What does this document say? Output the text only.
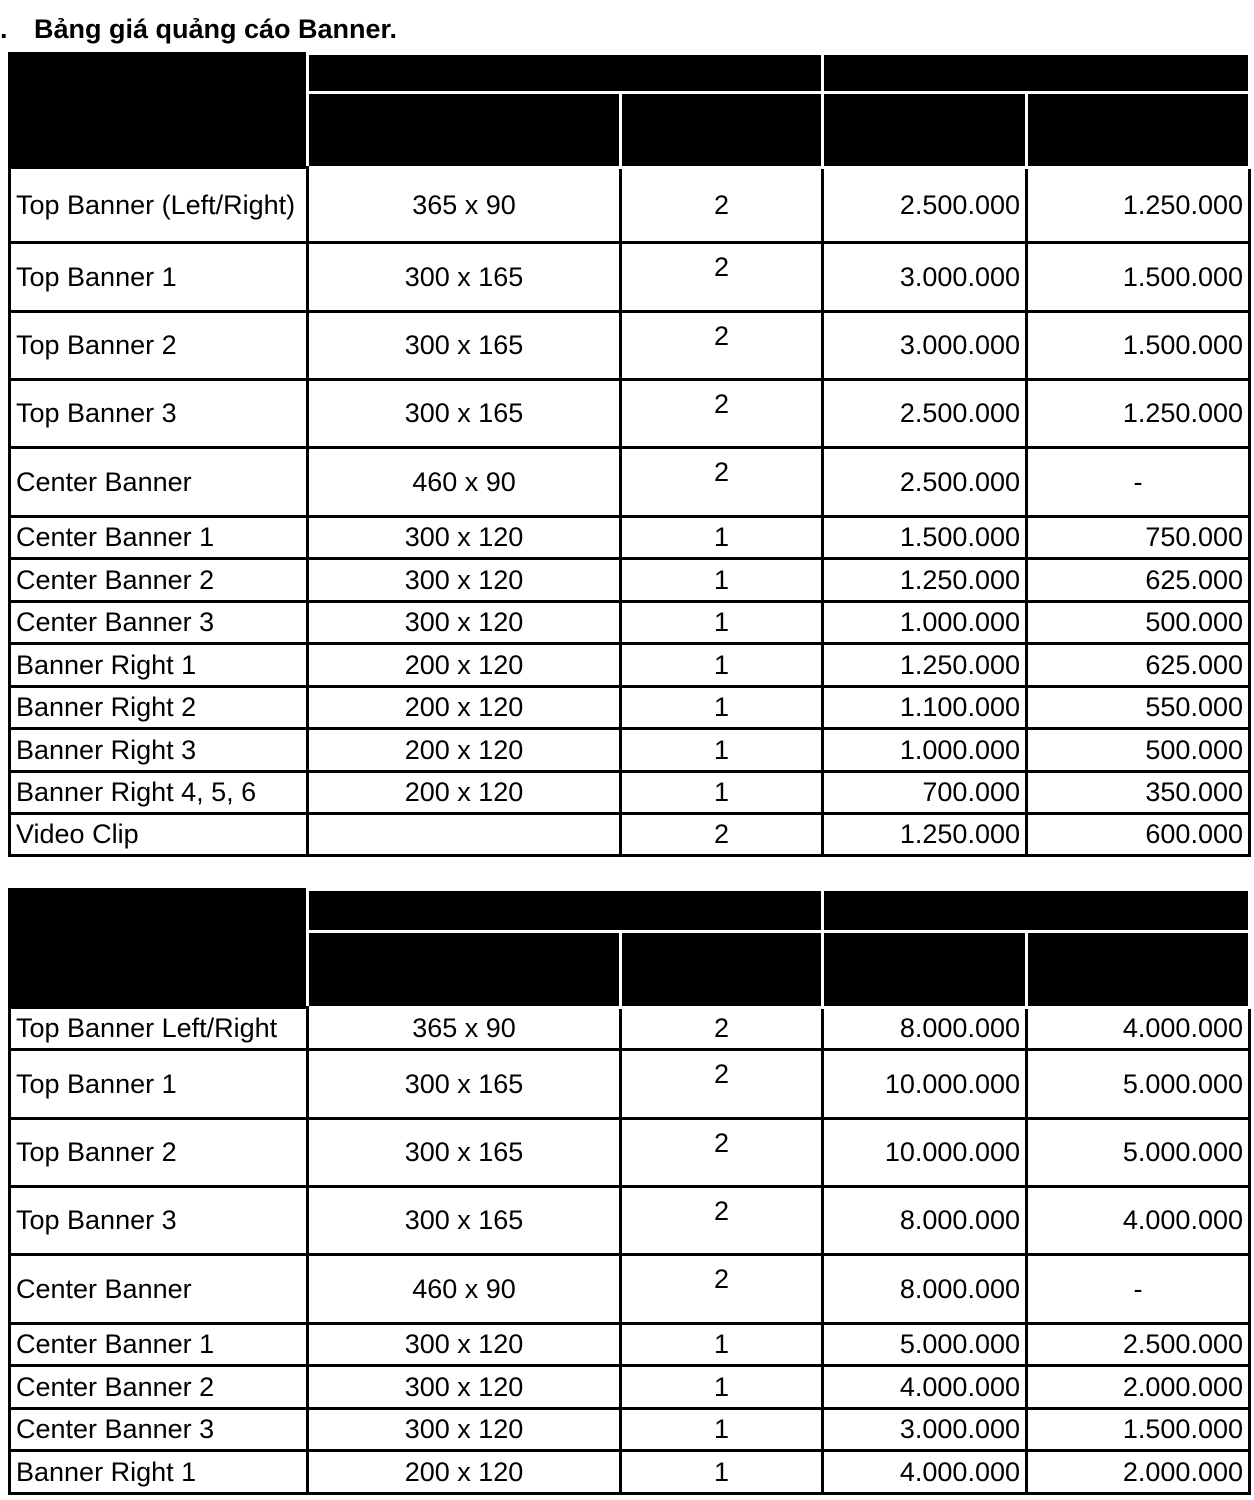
. Bảng giá quảng cáo Banner.

Top Banner (Left/Right)	365 x 90	2	2.500.000	1.250.000
Top Banner 1	300 x 165	2	3.000.000	1.500.000
Top Banner 2	300 x 165	2	3.000.000	1.500.000
Top Banner 3	300 x 165	2	2.500.000	1.250.000
Center Banner	460 x 90	2	2.500.000	-
Center Banner 1	300 x 120	1	1.500.000	750.000
Center Banner 2	300 x 120	1	1.250.000	625.000
Center Banner 3	300 x 120	1	1.000.000	500.000
Banner Right 1	200 x 120	1	1.250.000	625.000
Banner Right 2	200 x 120	1	1.100.000	550.000
Banner Right 3	200 x 120	1	1.000.000	500.000
Banner Right 4, 5, 6	200 x 120	1	700.000	350.000
Video Clip		2	1.250.000	600.000

Top Banner Left/Right	365 x 90	2	8.000.000	4.000.000
Top Banner 1	300 x 165	2	10.000.000	5.000.000
Top Banner 2	300 x 165	2	10.000.000	5.000.000
Top Banner 3	300 x 165	2	8.000.000	4.000.000
Center Banner	460 x 90	2	8.000.000	-
Center Banner 1	300 x 120	1	5.000.000	2.500.000
Center Banner 2	300 x 120	1	4.000.000	2.000.000
Center Banner 3	300 x 120	1	3.000.000	1.500.000
Banner Right 1	200 x 120	1	4.000.000	2.000.000
